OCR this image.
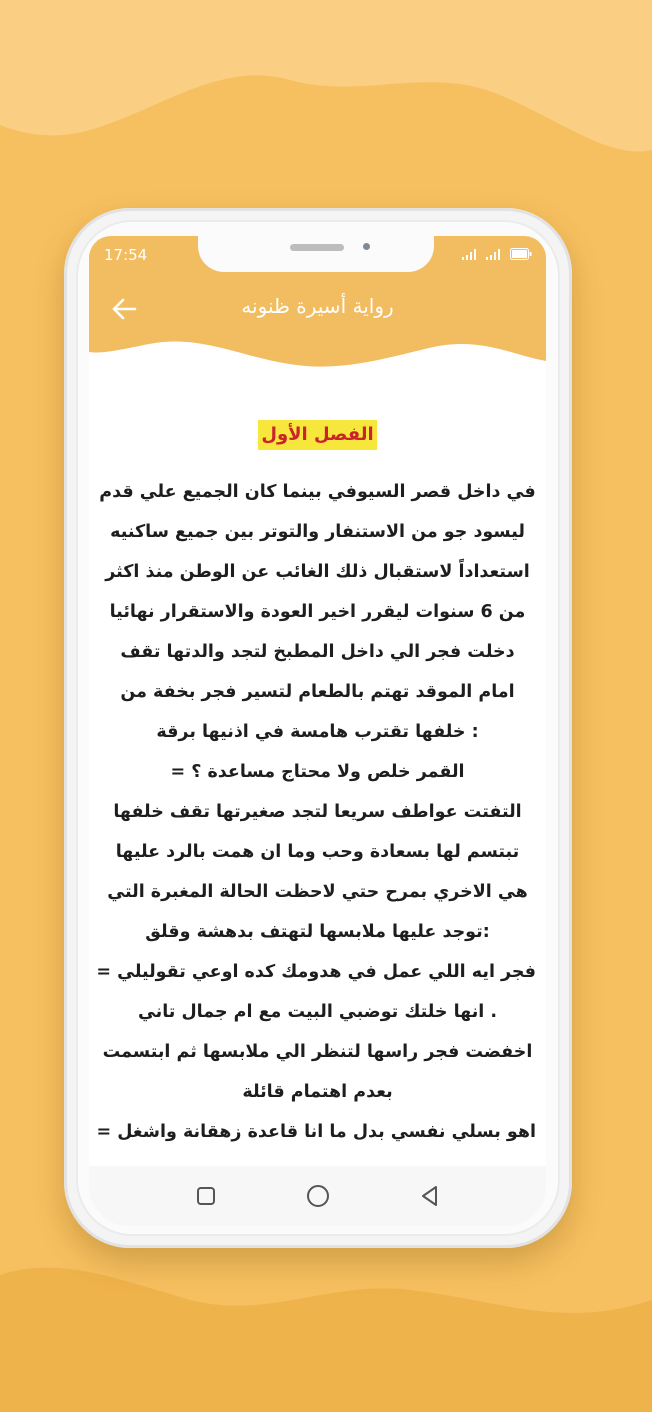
17:54
رواية أسيرة ظنونه
الفصل الأول
في داخل قصر السيوفي بينما كان الجميع علي قدم
ليسود جو من الاستنفار والتوتر بين جميع ساكنيه
استعداداً لاستقبال ذلك الغائب عن الوطن منذ اكثر
من 6 سنوات ليقرر اخير العودة والاستقرار نهائيا
دخلت فجر الي داخل المطبخ لتجد والدتها تقف
امام الموقد تهتم بالطعام لتسير فجر بخفة من
: خلفها تقترب هامسة في اذنيها برقة
القمر خلص ولا محتاج مساعدة ؟ =
التفتت عواطف سريعا لتجد صغيرتها تقف خلفها
تبتسم لها بسعادة وحب وما ان همت بالرد عليها
هي الاخري بمرح حتي لاحظت الحالة المغبرة التي
:توجد عليها ملابسها لتهتف بدهشة وقلق
فجر ايه اللي عمل في هدومك كده اوعي تقوليلي =
. انها خلتك توضبي البيت مع ام جمال تاني
اخفضت فجر راسها لتنظر الي ملابسها ثم ابتسمت
بعدم اهتمام قائلة
اهو بسلي نفسي بدل ما انا قاعدة زهقانة واشغل =
